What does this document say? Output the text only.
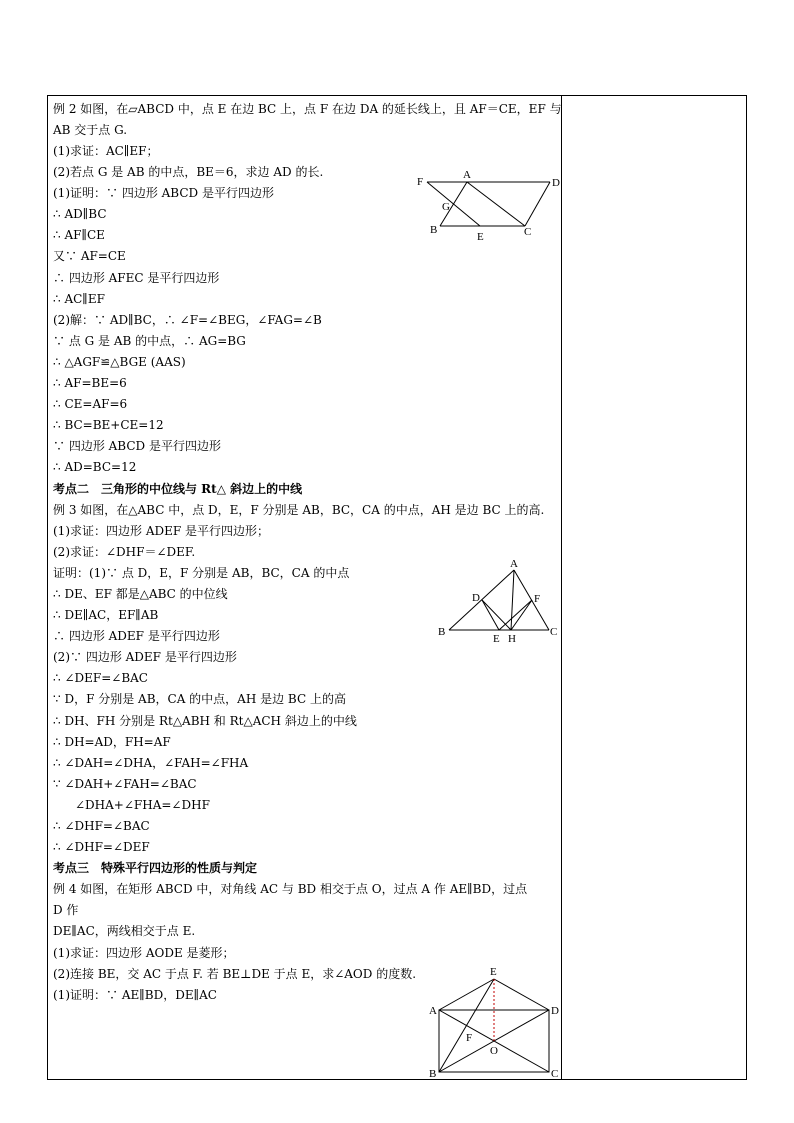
例 2 如图，在▱ABCD 中，点 E 在边 BC 上，点 F 在边 DA 的延长线上，且 AF＝CE，EF 与 AB 交于点 G.
(1)求证：AC∥EF；
(2)若点 G 是 AB 的中点，BE＝6，求边 AD 的长.
(1)证明：∵ 四边形 ABCD 是平行四边形
∴ AD∥BC
∴ AF∥CE
又∵ AF=CE
∴ 四边形 AFEC 是平行四边形
∴ AC∥EF
(2)解：∵ AD∥BC，∴ ∠F=∠BEG，∠FAG=∠B
∵ 点 G 是 AB 的中点，∴ AG=BG
∴ △AGF≌△BGE (AAS)
∴ AF=BE=6
∴ CE=AF=6
∴ BC=BE+CE=12
∵ 四边形 ABCD 是平行四边形
∴ AD=BC=12
考点二　三角形的中位线与 Rt△ 斜边上的中线
例 3 如图，在△ABC 中，点 D，E，F 分别是 AB，BC，CA 的中点，AH 是边 BC 上的高.
(1)求证：四边形 ADEF 是平行四边形；
(2)求证：∠DHF＝∠DEF.
证明：(1)∵ 点 D，E，F 分别是 AB，BC，CA 的中点
∴ DE、EF 都是△ABC 的中位线
∴ DE∥AC，EF∥AB
∴ 四边形 ADEF 是平行四边形
(2)∵ 四边形 ADEF 是平行四边形
∴ ∠DEF=∠BAC
∵ D，F 分别是 AB，CA 的中点，AH 是边 BC 上的高
∴ DH、FH 分别是 Rt△ABH 和 Rt△ACH 斜边上的中线
∴ DH=AD，FH=AF
∴ ∠DAH=∠DHA，∠FAH=∠FHA
∵ ∠DAH+∠FAH=∠BAC
∠DHA+∠FHA=∠DHF
∴ ∠DHF=∠BAC
∴ ∠DHF=∠DEF
考点三　特殊平行四边形的性质与判定
例 4 如图，在矩形 ABCD 中，对角线 AC 与 BD 相交于点 O，过点 A 作 AE∥BD，过点
D 作
DE∥AC，两线相交于点 E.
(1)求证：四边形 AODE 是菱形；
(2)连接 BE，交 AC 于点 F. 若 BE⊥DE 于点 E，求∠AOD 的度数.
(1)证明：∵ AE∥BD，DE∥AC
F
A
D
G
B
E	C
A
D	F
B
E H
C
E
A	D
F
O
B	C
